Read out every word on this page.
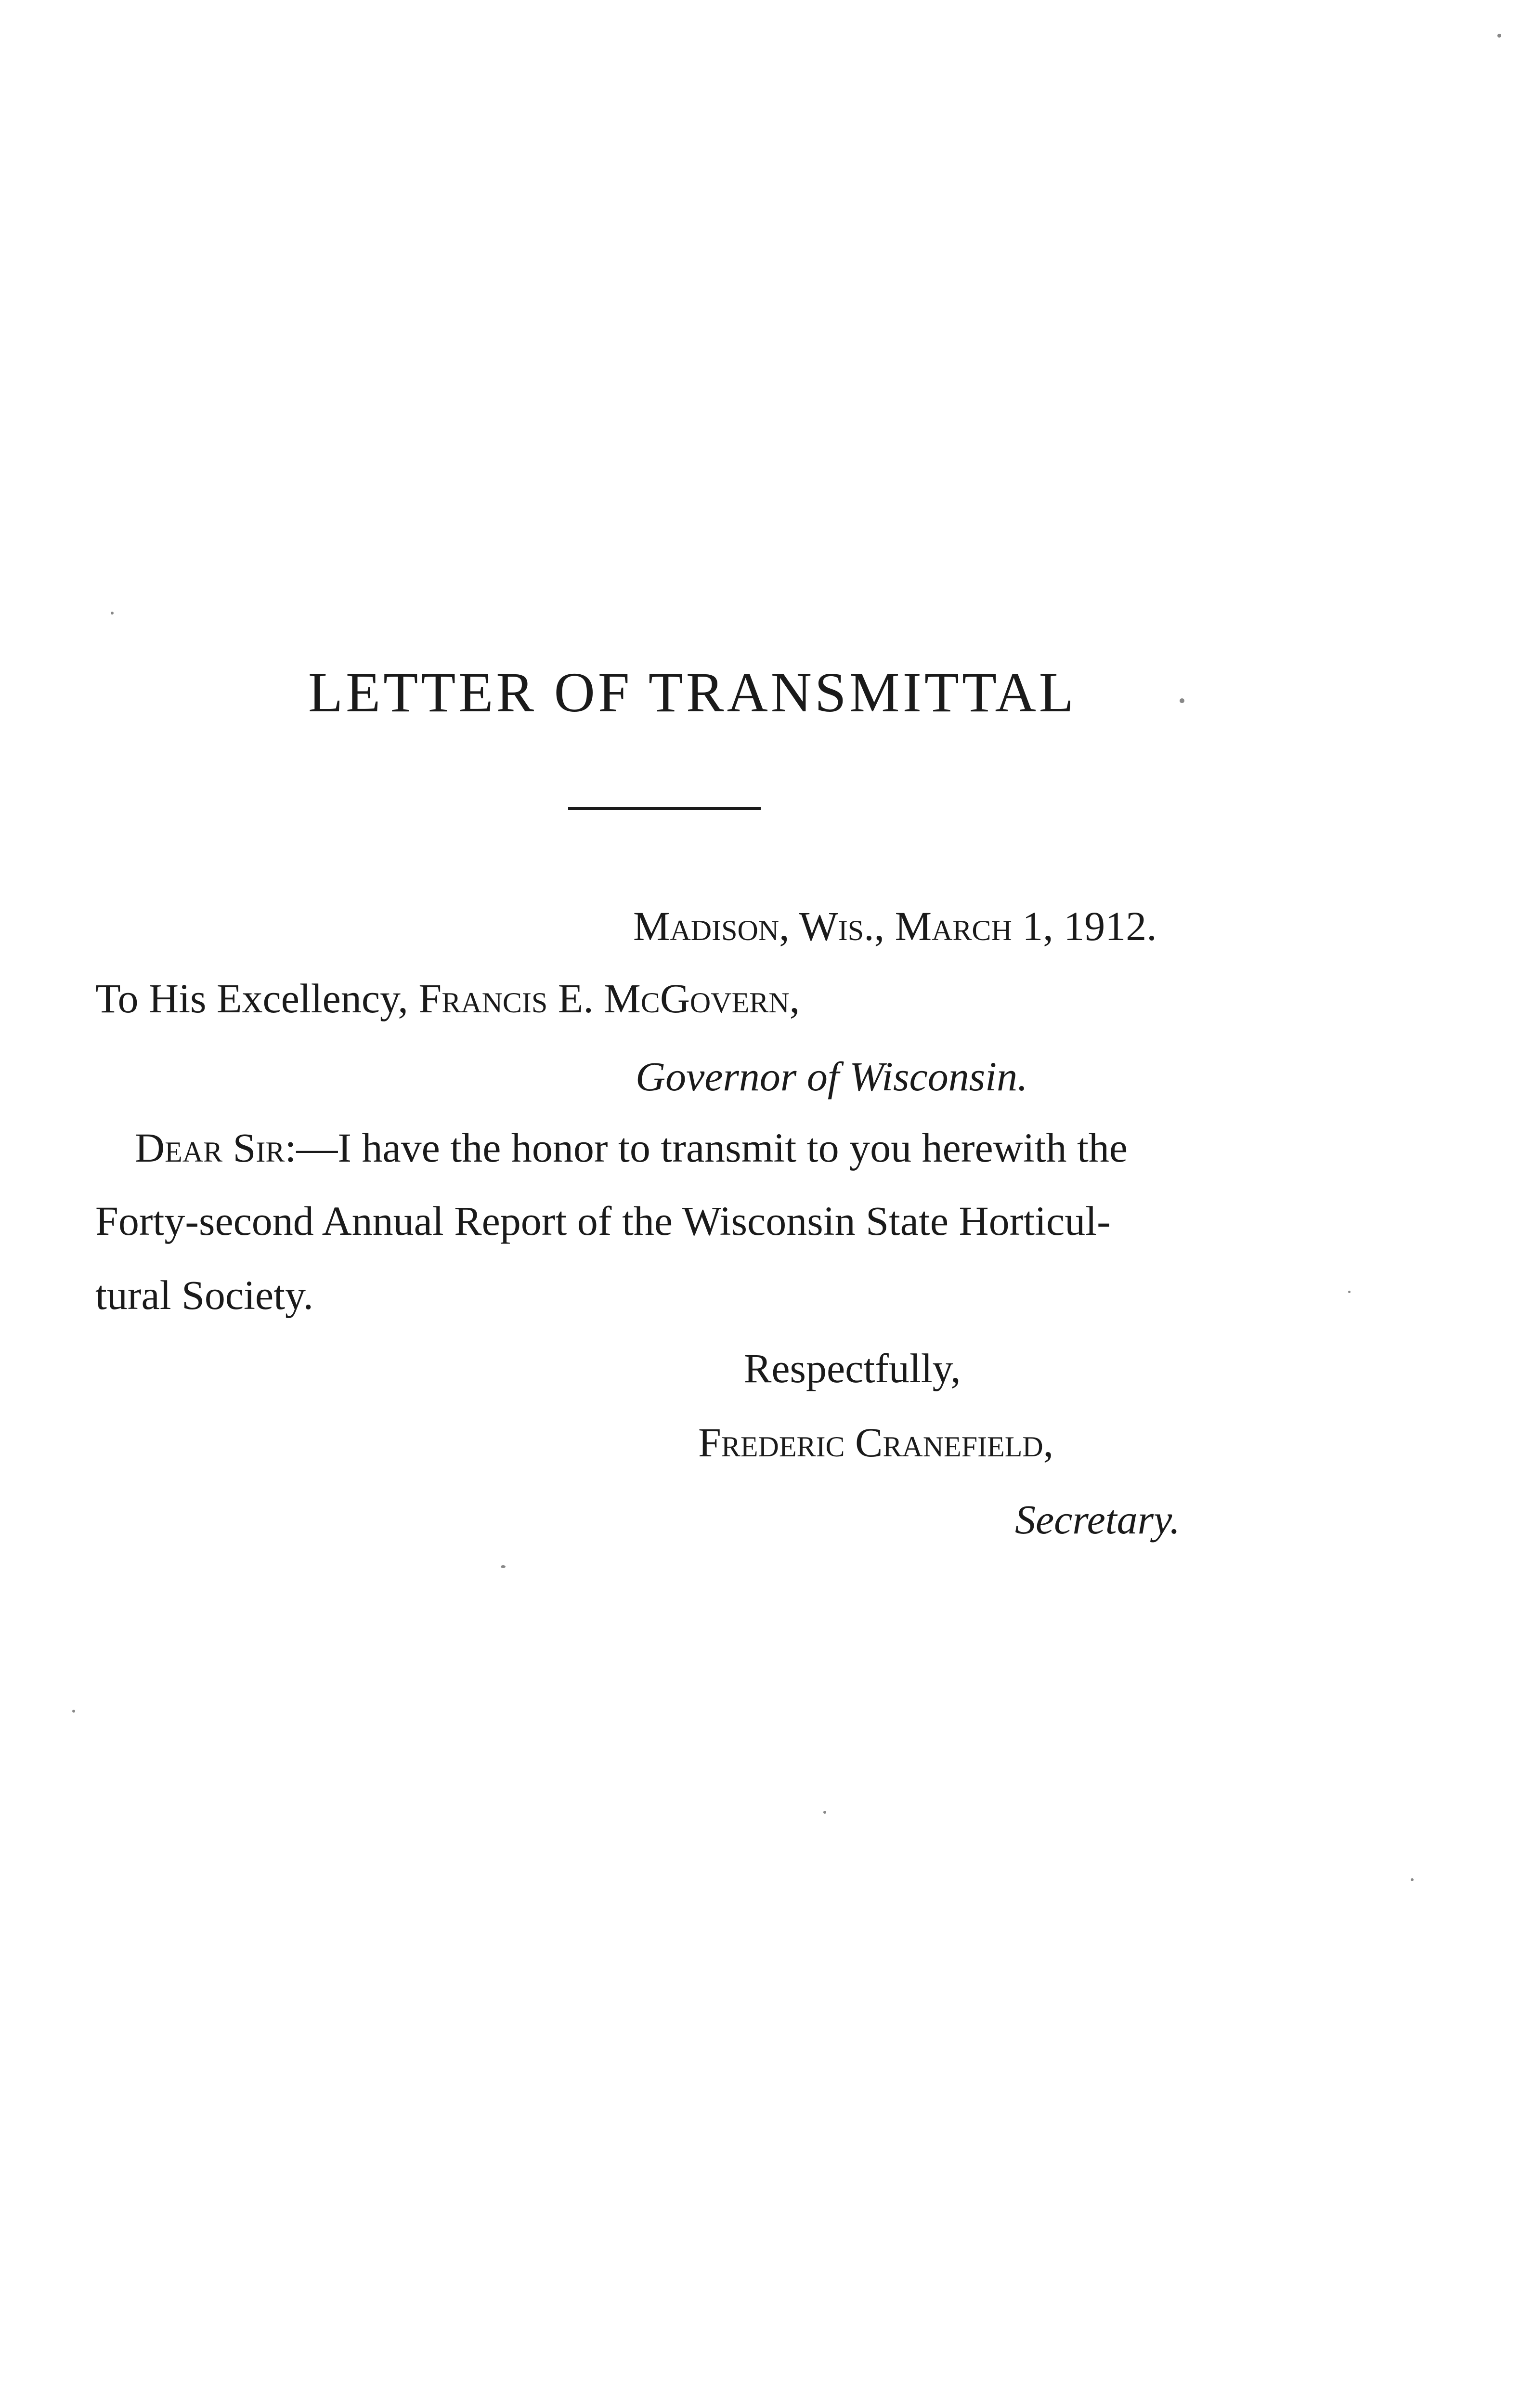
LETTER OF TRANSMITTAL
Madison, Wis., March 1, 1912.
To His Excellency, Francis E. McGovern,
Governor of Wisconsin.
Dear Sir:—I have the honor to transmit to you herewith the
Forty-second Annual Report of the Wisconsin State Horticul-
tural Society.
Respectfully,
Frederic Cranefield,
Secretary.
